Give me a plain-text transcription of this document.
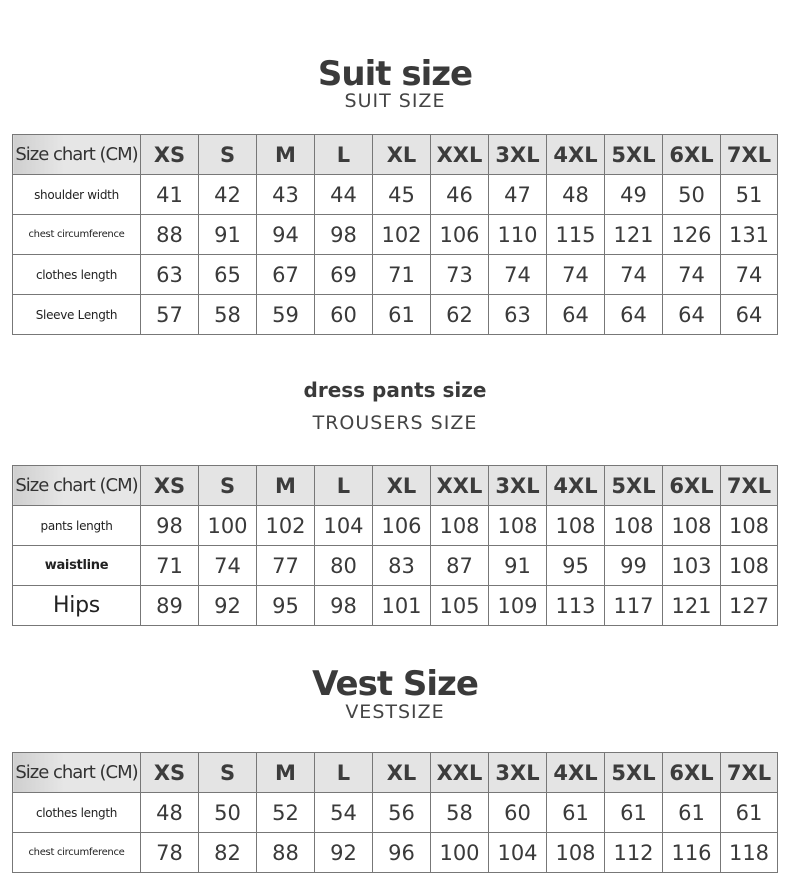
Suit size
SUIT SIZE
Size chart (CM)	XS	S	M	L	XL	XXL	3XL	4XL	5XL	6XL	7XL
shoulder width	41	42	43	44	45	46	47	48	49	50	51
chest circumference	88	91	94	98	102	106	110	115	121	126	131
clothes length	63	65	67	69	71	73	74	74	74	74	74
Sleeve Length	57	58	59	60	61	62	63	64	64	64	64
dress pants size
TROUSERS SIZE
Size chart (CM)	XS	S	M	L	XL	XXL	3XL	4XL	5XL	6XL	7XL
pants length	98	100	102	104	106	108	108	108	108	108	108
waistline	71	74	77	80	83	87	91	95	99	103	108
Hips	89	92	95	98	101	105	109	113	117	121	127
Vest Size
VESTSIZE
Size chart (CM)	XS	S	M	L	XL	XXL	3XL	4XL	5XL	6XL	7XL
clothes length	48	50	52	54	56	58	60	61	61	61	61
chest circumference	78	82	88	92	96	100	104	108	112	116	118
